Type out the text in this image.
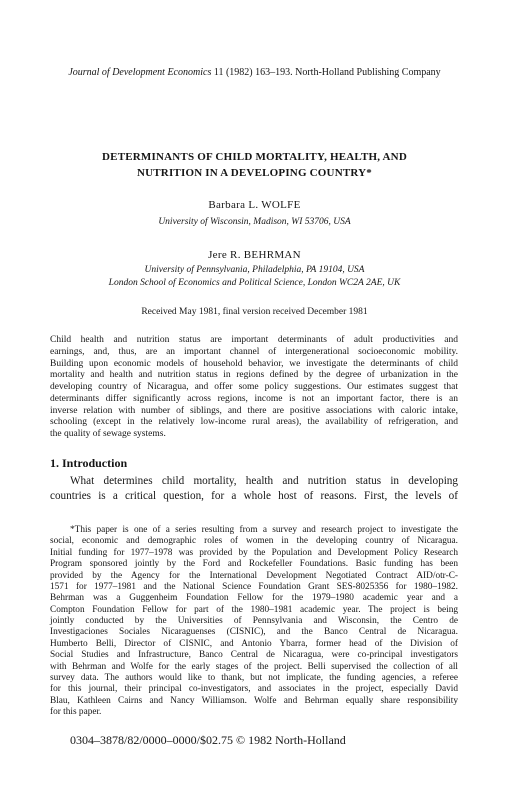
Journal of Development Economics 11 (1982) 163–193. North-Holland Publishing Company
DETERMINANTS OF CHILD MORTALITY, HEALTH, AND
NUTRITION IN A DEVELOPING COUNTRY*
Barbara L. WOLFE
University of Wisconsin, Madison, WI 53706, USA
Jere R. BEHRMAN
University of Pennsylvania, Philadelphia, PA 19104, USA
London School of Economics and Political Science, London WC2A 2AE, UK
Received May 1981, final version received December 1981
Child health and nutrition status are important determinants of adult productivities and
earnings, and, thus, are an important channel of intergenerational socioeconomic mobility.
Building upon economic models of household behavior, we investigate the determinants of child
mortality and health and nutrition status in regions defined by the degree of urbanization in the
developing country of Nicaragua, and offer some policy suggestions. Our estimates suggest that
determinants differ significantly across regions, income is not an important factor, there is an
inverse relation with number of siblings, and there are positive associations with caloric intake,
schooling (except in the relatively low-income rural areas), the availability of refrigeration, and
the quality of sewage systems.
1. Introduction
What determines child mortality, health and nutrition status in developing
countries is a critical question, for a whole host of reasons. First, the levels of
*This paper is one of a series resulting from a survey and research project to investigate the
social, economic and demographic roles of women in the developing country of Nicaragua.
Initial funding for 1977–1978 was provided by the Population and Development Policy Research
Program sponsored jointly by the Ford and Rockefeller Foundations. Basic funding has been
provided by the Agency for the International Development Negotiated Contract AID/otr-C-
1571 for 1977–1981 and the National Science Foundation Grant SES-8025356 for 1980–1982.
Behrman was a Guggenheim Foundation Fellow for the 1979–1980 academic year and a
Compton Foundation Fellow for part of the 1980–1981 academic year. The project is being
jointly conducted by the Universities of Pennsylvania and Wisconsin, the Centro de
Investigaciones Sociales Nicaraguenses (CISNIC), and the Banco Central de Nicaragua.
Humberto Belli, Director of CISNIC, and Antonio Ybarra, former head of the Division of
Social Studies and Infrastructure, Banco Central de Nicaragua, were co-principal investigators
with Behrman and Wolfe for the early stages of the project. Belli supervised the collection of all
survey data. The authors would like to thank, but not implicate, the funding agencies, a referee
for this journal, their principal co-investigators, and associates in the project, especially David
Blau, Kathleen Cairns and Nancy Williamson. Wolfe and Behrman equally share responsibility
for this paper.
0304–3878/82/0000–0000/$02.75 © 1982 North-Holland
